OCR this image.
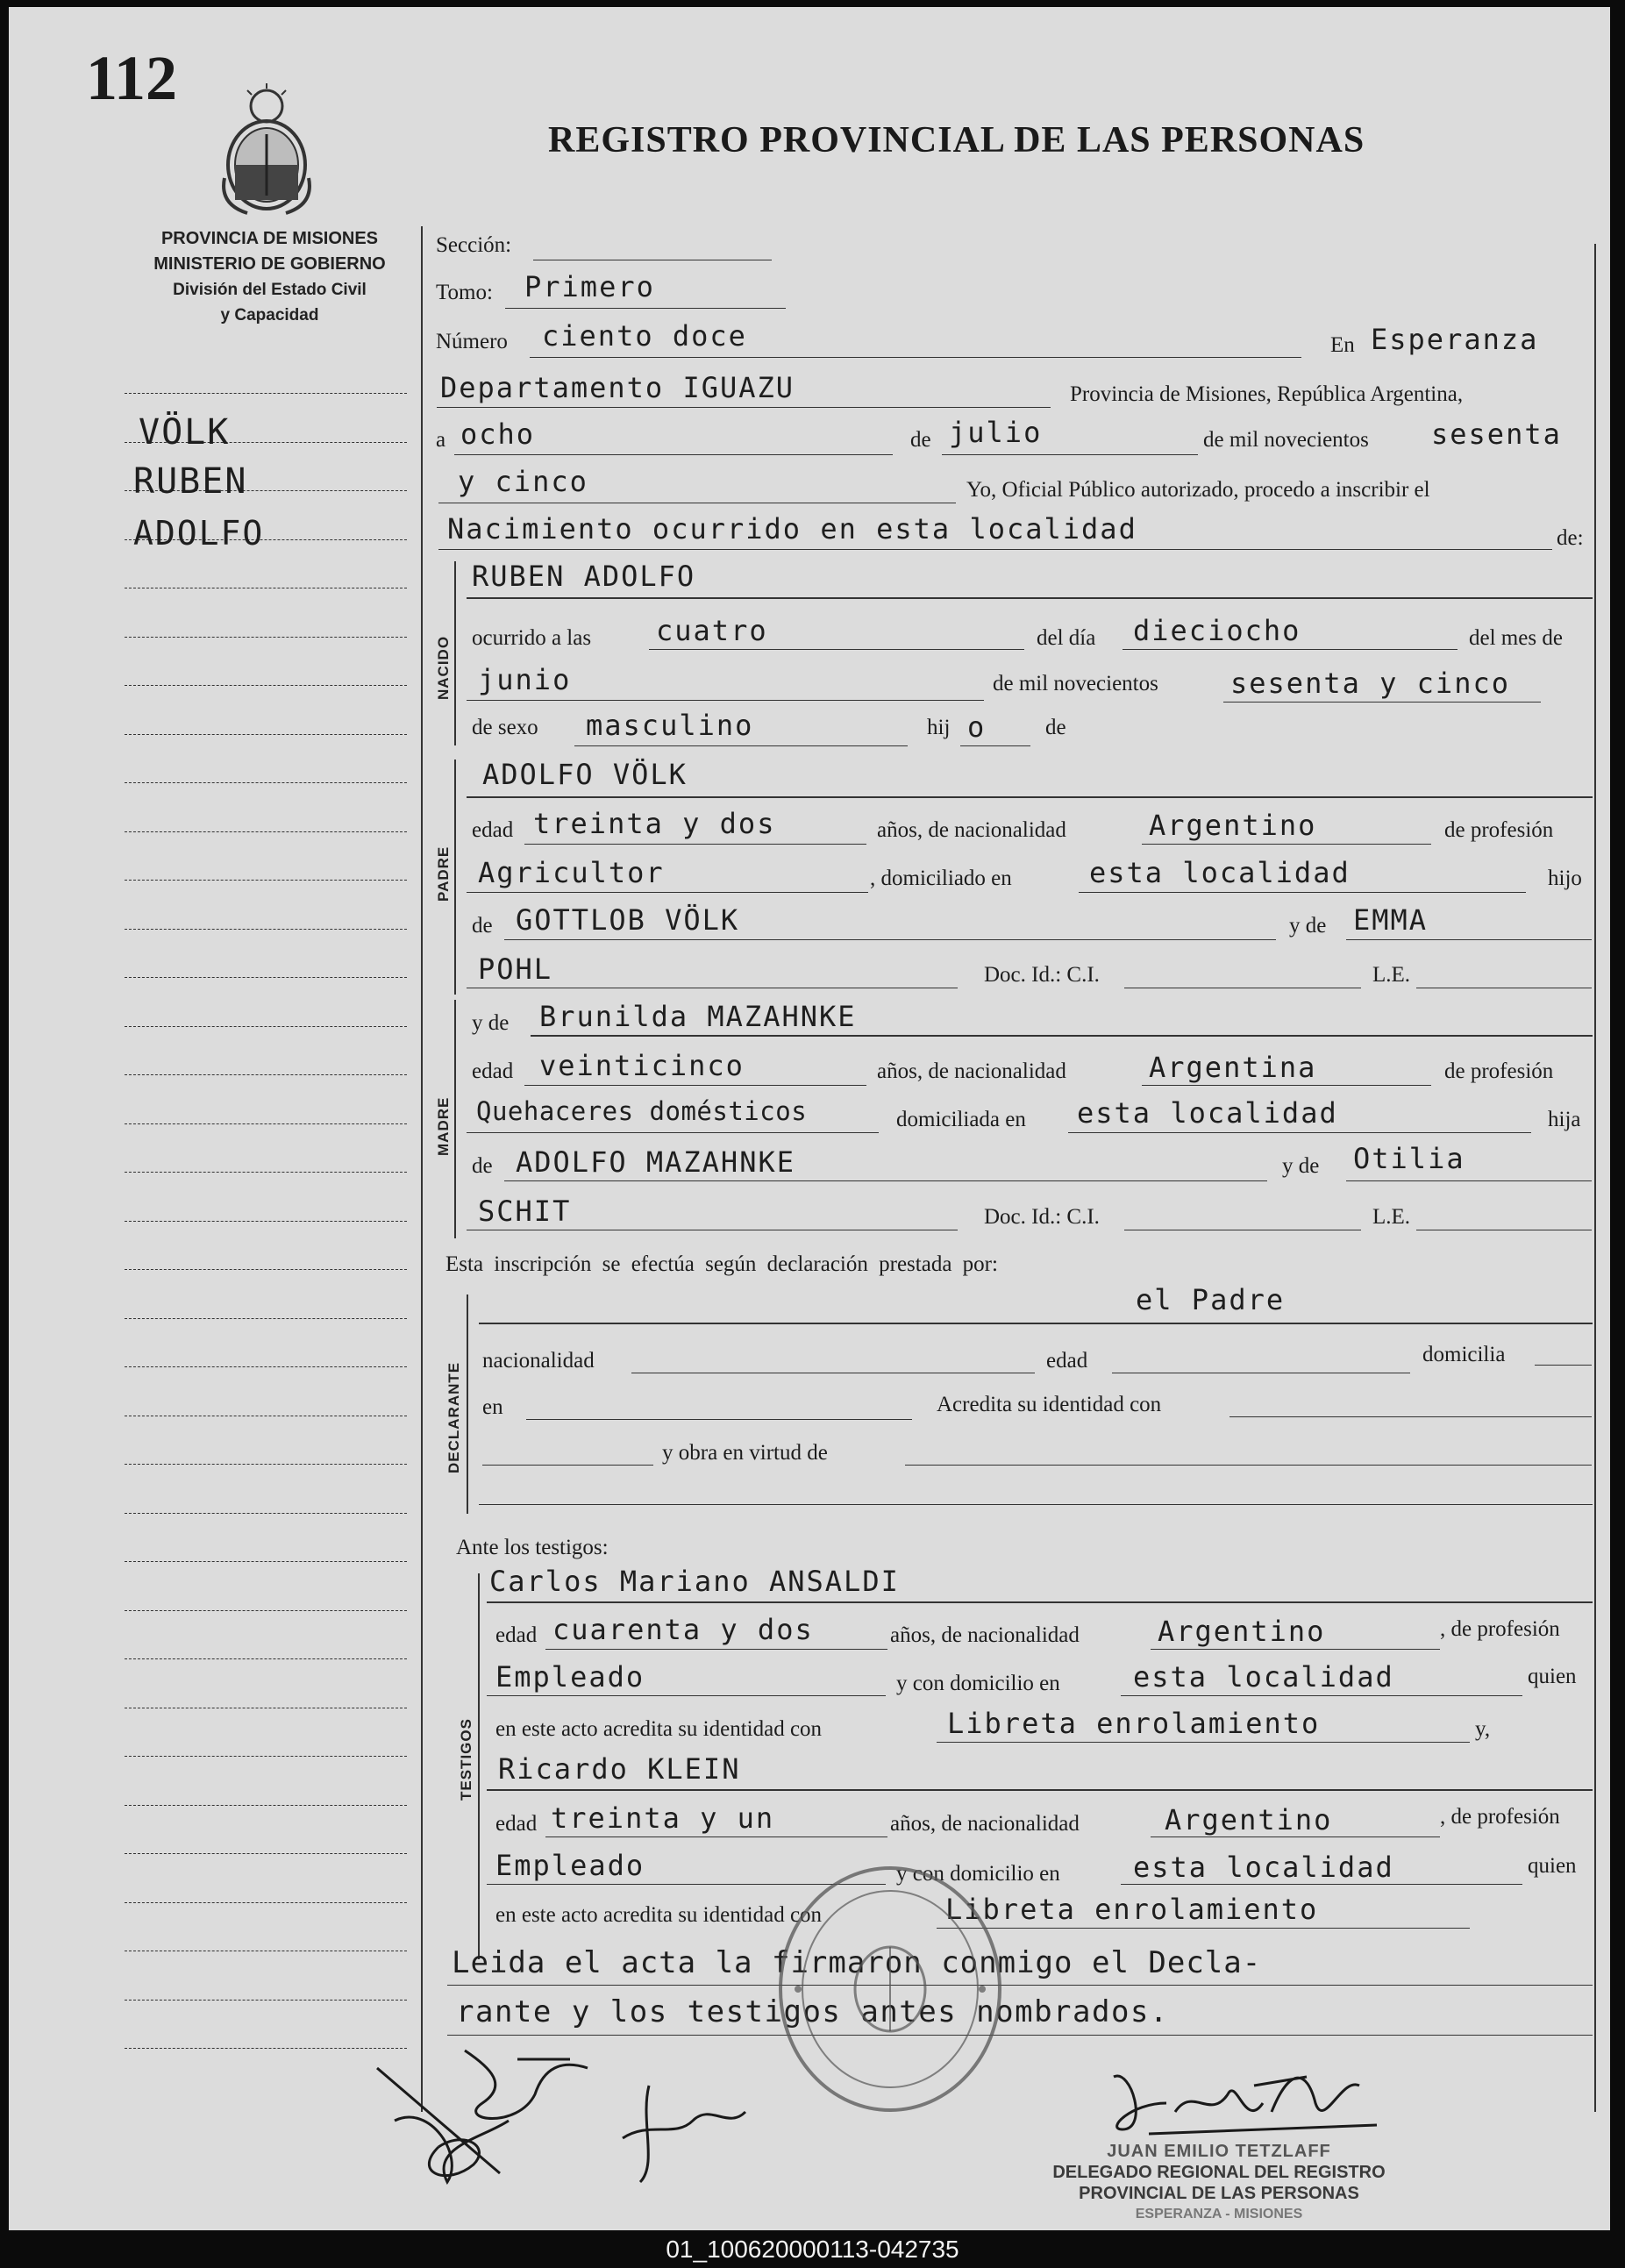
112
REGISTRO PROVINCIAL DE LAS PERSONAS
PROVINCIA DE MISIONES
MINISTERIO DE GOBIERNO
División del Estado Civil
y Capacidad
VÖLK
RUBEN
ADOLFO
Sección:
Tomo: Primero
Número ciento doce	En Esperanza
Departamento IGUAZU	Provincia de Misiones, República Argentina,
a ocho	de julio	de mil novecientos sesenta
y cinco	Yo, Oficial Público autorizado, procedo a inscribir el
Nacimiento ocurrido en esta localidad	de:
NACIDO
RUBEN ADOLFO
ocurrido a las cuatro	del día dieciocho	del mes de
junio	de mil novecientos	sesenta y cinco
de sexo masculino	hij o	de
PADRE
ADOLFO VÖLK
edad treinta y dos	años, de nacionalidad	Argentino	de profesión
Agricultor	, domiciliado en	esta localidad	hijo
de GOTTLOB VÖLK	y de EMMA
POHL	Doc. Id.: C.I.	L.E.
MADRE
y de Brunilda MAZAHNKE
edad veinticinco	años, de nacionalidad	Argentina	de profesión
Quehaceres domésticos	domiciliada en esta localidad	hija
de ADOLFO MAZAHNKE	y de Otilia
SCHIT	Doc. Id.: C.I.	L.E.
Esta inscripción se efectúa según declaración prestada por:
DECLARANTE
el Padre
nacionalidad	edad	domicilia
en	Acredita su identidad con
y obra en virtud de
Ante los testigos:
TESTIGOS
Carlos Mariano ANSALDI
edad cuarenta y dos	años, de nacionalidad	Argentino	, de profesión
Empleado	y con domicilio en	esta localidad	quien
en este acto acredita su identidad con	Libreta enrolamiento	y,
Ricardo KLEIN
edad treinta y un	años, de nacionalidad	Argentino	, de profesión
Empleado	y con domicilio en	esta localidad	quien
en este acto acredita su identidad con	Libreta enrolamiento
Leida el acta la firmaron conmigo el Decla-
rante y los testigos antes nombrados.
JUAN EMILIO TETZLAFF
DELEGADO REGIONAL DEL REGISTRO
PROVINCIAL DE LAS PERSONAS
ESPERANZA - MISIONES
01_100620000113-042735
